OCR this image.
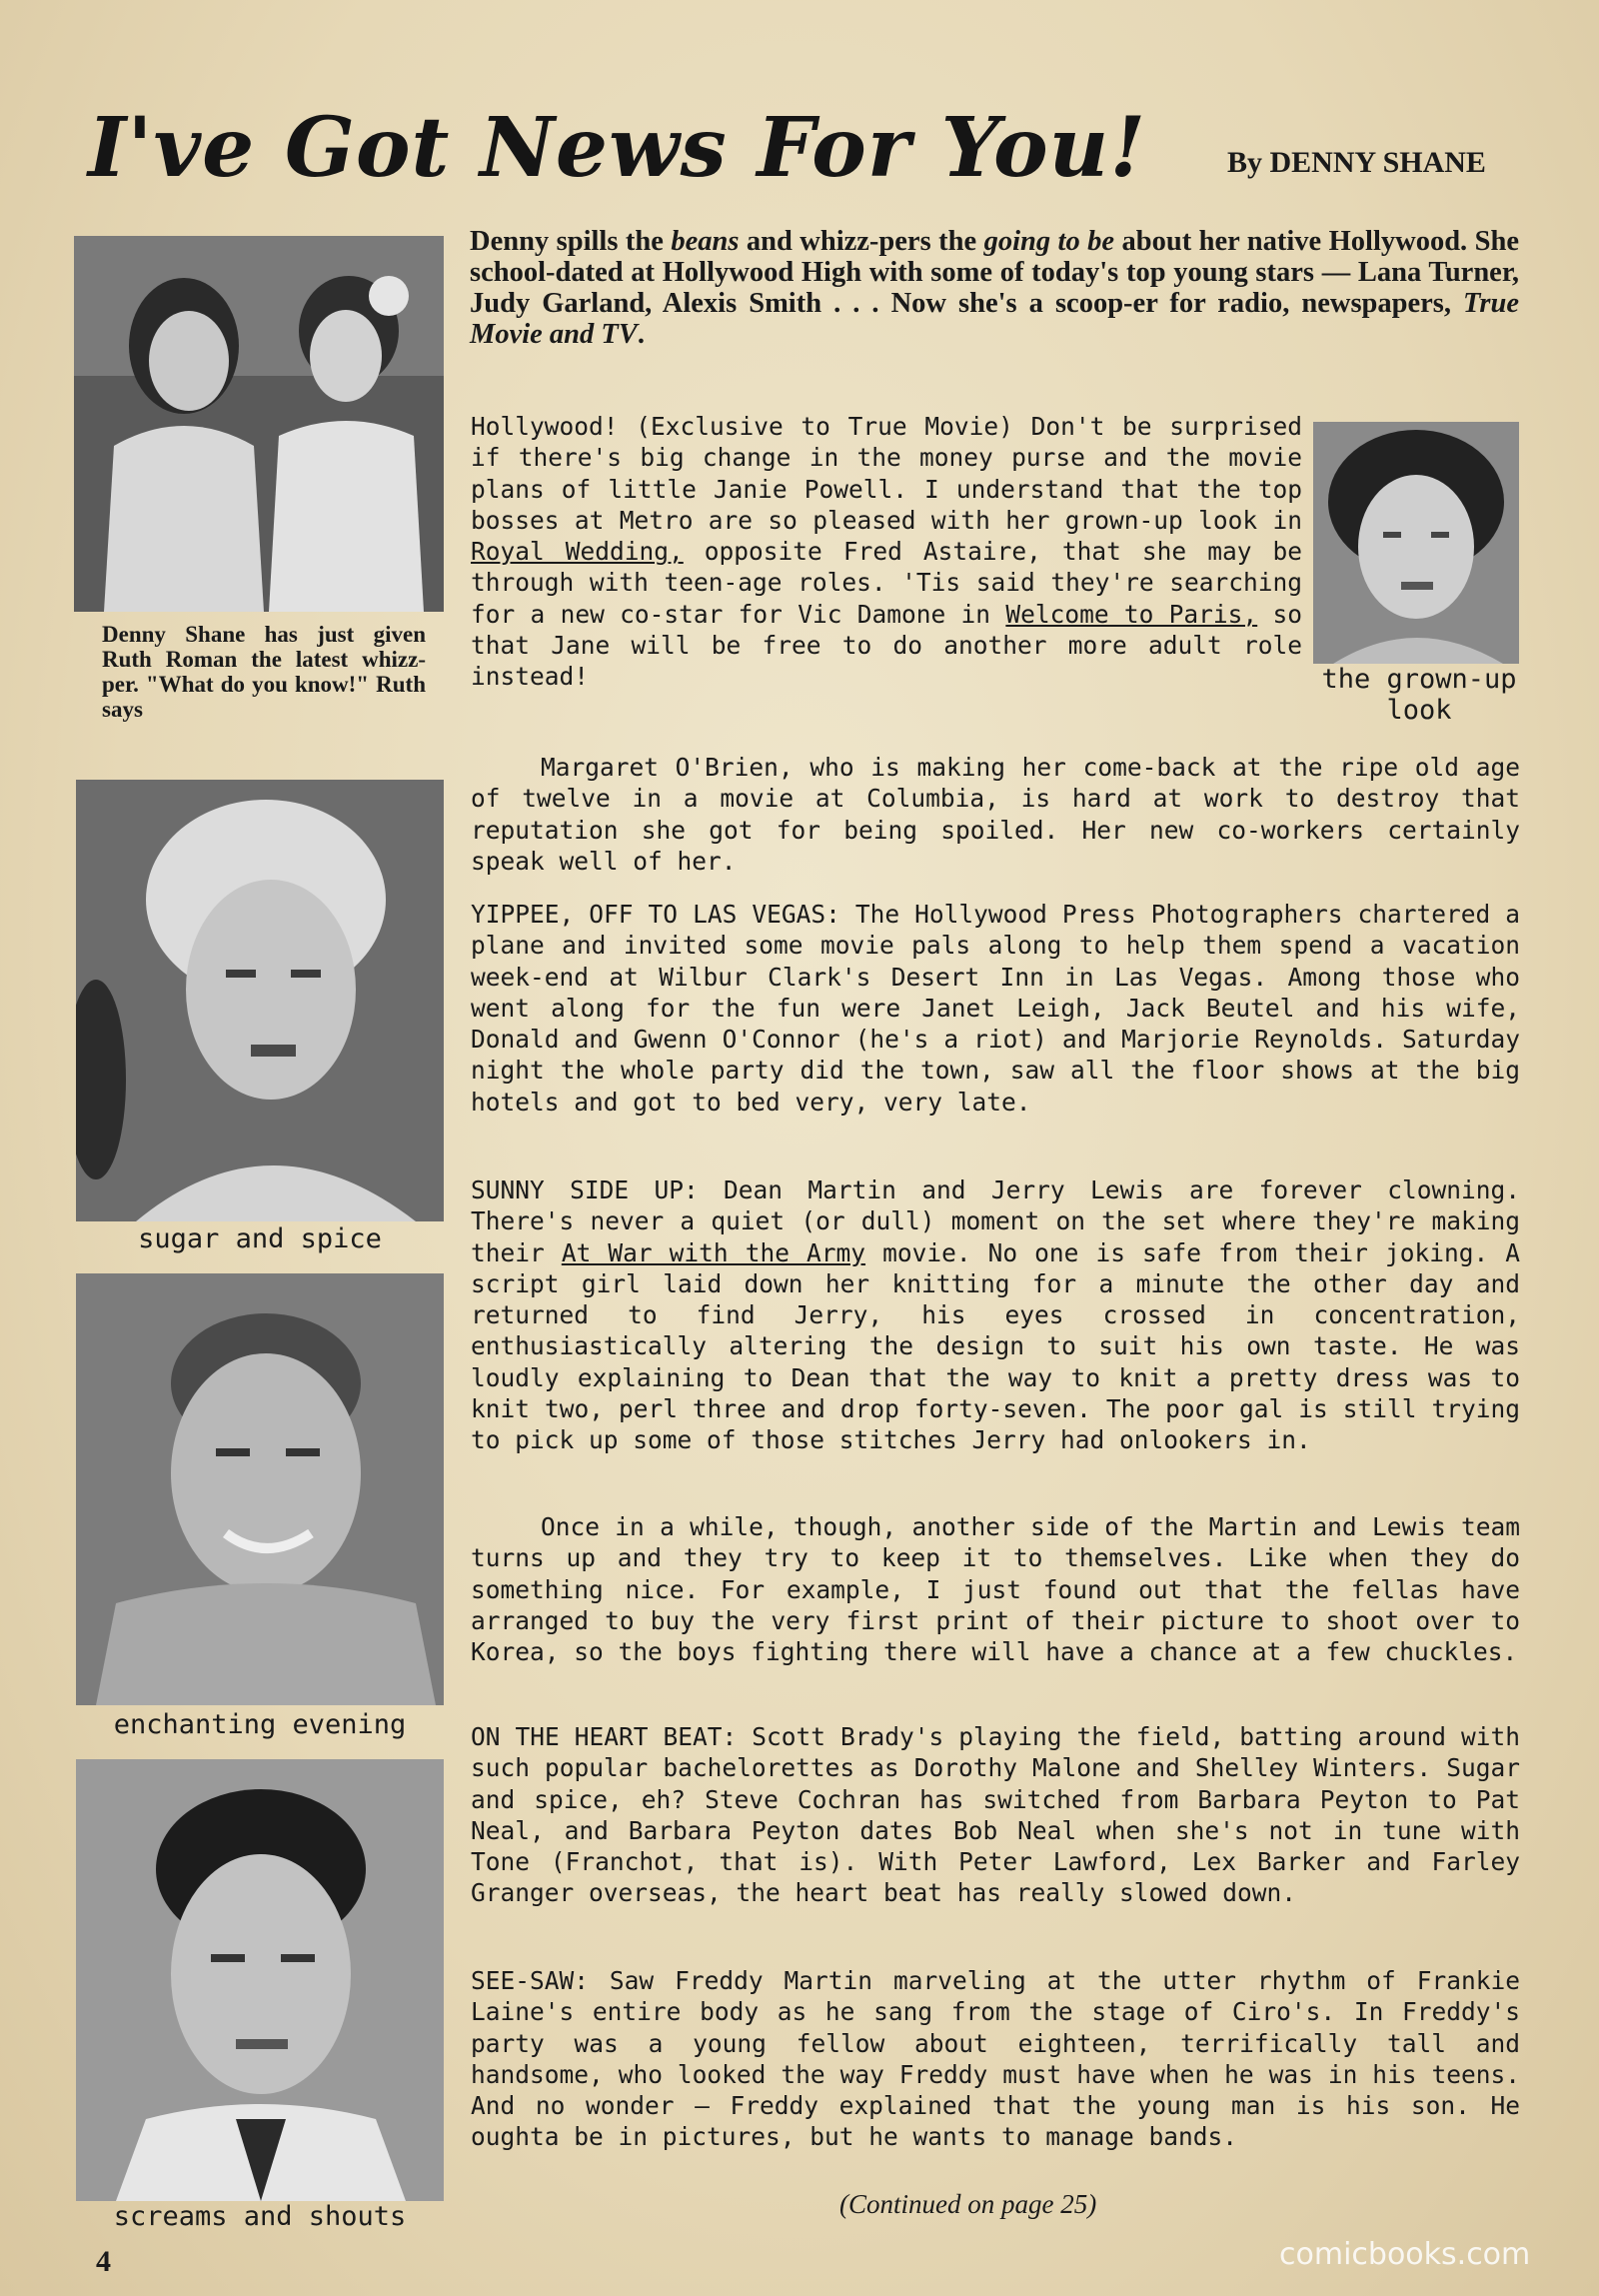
I've Got News For You!	By DENNY SHANE
Denny Shane has just given Ruth Roman the latest whizz-per. "What do you know!" Ruth says
the grown-up look
sugar and spice
enchanting evening
screams and shouts
Denny spills the beans and whizz-pers the going to be about her native Hollywood. She school-dated at Hollywood High with some of today's top young stars — Lana Turner, Judy Garland, Alexis Smith . . . Now she's a scoop-er for radio, newspapers, True Movie and TV.

Hollywood! (Exclusive to True Movie) Don't be surprised if there's big change in the money purse and the movie plans of little Janie Powell. I understand that the top bosses at Metro are so pleased with her grown-up look in Royal Wedding, opposite Fred Astaire, that she may be through with teen-age roles. 'Tis said they're searching for a new co-star for Vic Damone in Welcome to Paris, so that Jane will be free to do another more adult role instead!

Margaret O'Brien, who is making her come-back at the ripe old age of twelve in a movie at Columbia, is hard at work to destroy that reputation she got for being spoiled. Her new co-workers certainly speak well of her.

YIPPEE, OFF TO LAS VEGAS: The Hollywood Press Photographers chartered a plane and invited some movie pals along to help them spend a vacation week-end at Wilbur Clark's Desert Inn in Las Vegas. Among those who went along for the fun were Janet Leigh, Jack Beutel and his wife, Donald and Gwenn O'Connor (he's a riot) and Marjorie Reynolds. Saturday night the whole party did the town, saw all the floor shows at the big hotels and got to bed very, very late.

SUNNY SIDE UP: Dean Martin and Jerry Lewis are forever clowning. There's never a quiet (or dull) moment on the set where they're making their At War with the Army movie. No one is safe from their joking. A script girl laid down her knitting for a minute the other day and returned to find Jerry, his eyes crossed in concentration, enthusiastically altering the design to suit his own taste. He was loudly explaining to Dean that the way to knit a pretty dress was to knit two, perl three and drop forty-seven. The poor gal is still trying to pick up some of those stitches Jerry had onlookers in.

Once in a while, though, another side of the Martin and Lewis team turns up and they try to keep it to themselves. Like when they do something nice. For example, I just found out that the fellas have arranged to buy the very first print of their picture to shoot over to Korea, so the boys fighting there will have a chance at a few chuckles.

ON THE HEART BEAT: Scott Brady's playing the field, batting around with such popular bachelorettes as Dorothy Malone and Shelley Winters. Sugar and spice, eh? Steve Cochran has switched from Barbara Peyton to Pat Neal, and Barbara Peyton dates Bob Neal when she's not in tune with Tone (Franchot, that is). With Peter Lawford, Lex Barker and Farley Granger overseas, the heart beat has really slowed down.

SEE-SAW: Saw Freddy Martin marveling at the utter rhythm of Frankie Laine's entire body as he sang from the stage of Ciro's. In Freddy's party was a young fellow about eighteen, terrifically tall and handsome, who looked the way Freddy must have when he was in his teens. And no wonder — Freddy explained that the young man is his son. He oughta be in pictures, but he wants to manage bands.

(Continued on page 25)
4	comicbooks.com
